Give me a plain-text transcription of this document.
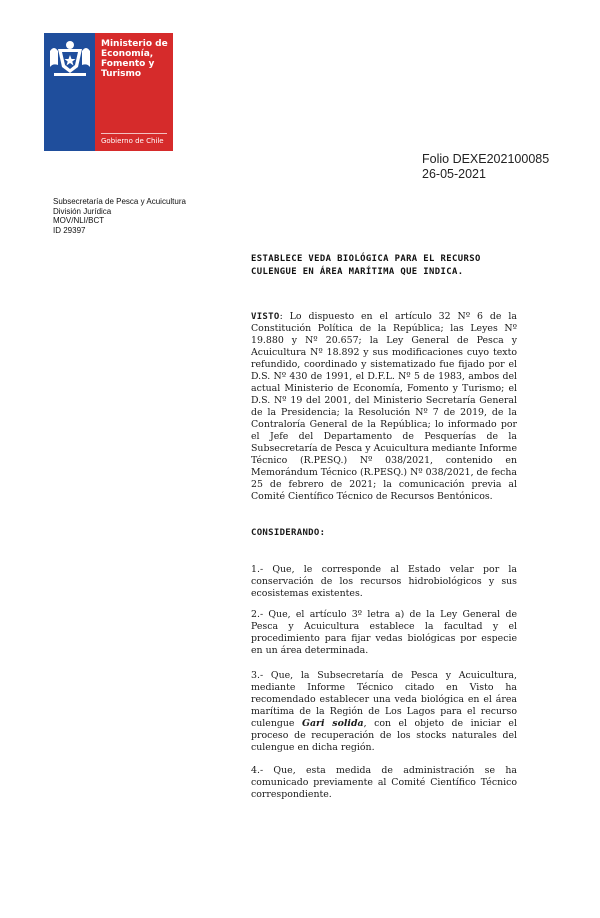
Ministerio de
Economía,
Fomento y
Turismo
Gobierno de Chile
Folio DEXE202100085
26-05-2021
Subsecretaría de Pesca y Acuicultura
División Jurídica
MOV/NLI/BCT
ID 29397
ESTABLECE VEDA BIOLÓGICA PARA EL RECURSO CULENGUE EN ÁREA MARÍTIMA QUE INDICA.
VISTO: Lo dispuesto en el artículo 32 Nº 6 de la Constitución Política de la República; las Leyes Nº 19.880 y Nº 20.657; la Ley General de Pesca y Acuicultura Nº 18.892 y sus modificaciones cuyo texto refundido, coordinado y sistematizado fue fijado por el D.S. Nº 430 de 1991, el D.F.L. Nº 5 de 1983, ambos del actual Ministerio de Economía, Fomento y Turismo; el D.S. Nº 19 del 2001, del Ministerio Secretaría General de la Presidencia; la Resolución Nº 7 de 2019, de la Contraloría General de la República; lo informado por el Jefe del Departamento de Pesquerías de la Subsecretaría de Pesca y Acuicultura mediante Informe Técnico (R.PESQ.) Nº 038/2021, contenido en Memorándum Técnico (R.PESQ.) Nº 038/2021, de fecha 25 de febrero de 2021; la comunicación previa al Comité Científico Técnico de Recursos Bentónicos.
CONSIDERANDO:
1.- Que, le corresponde al Estado velar por la conservación de los recursos hidrobiológicos y sus ecosistemas existentes.
2.- Que, el artículo 3º letra a) de la Ley General de Pesca y Acuicultura establece la facultad y el procedimiento para fijar vedas biológicas por especie en un área determinada.
3.- Que, la Subsecretaría de Pesca y Acuicultura, mediante Informe Técnico citado en Visto ha recomendado establecer una veda biológica en el área marítima de la Región de Los Lagos para el recurso culengue Gari solida, con el objeto de iniciar el proceso de recuperación de los stocks naturales del culengue en dicha región.
4.- Que, esta medida de administración se ha comunicado previamente al Comité Científico Técnico correspondiente.
